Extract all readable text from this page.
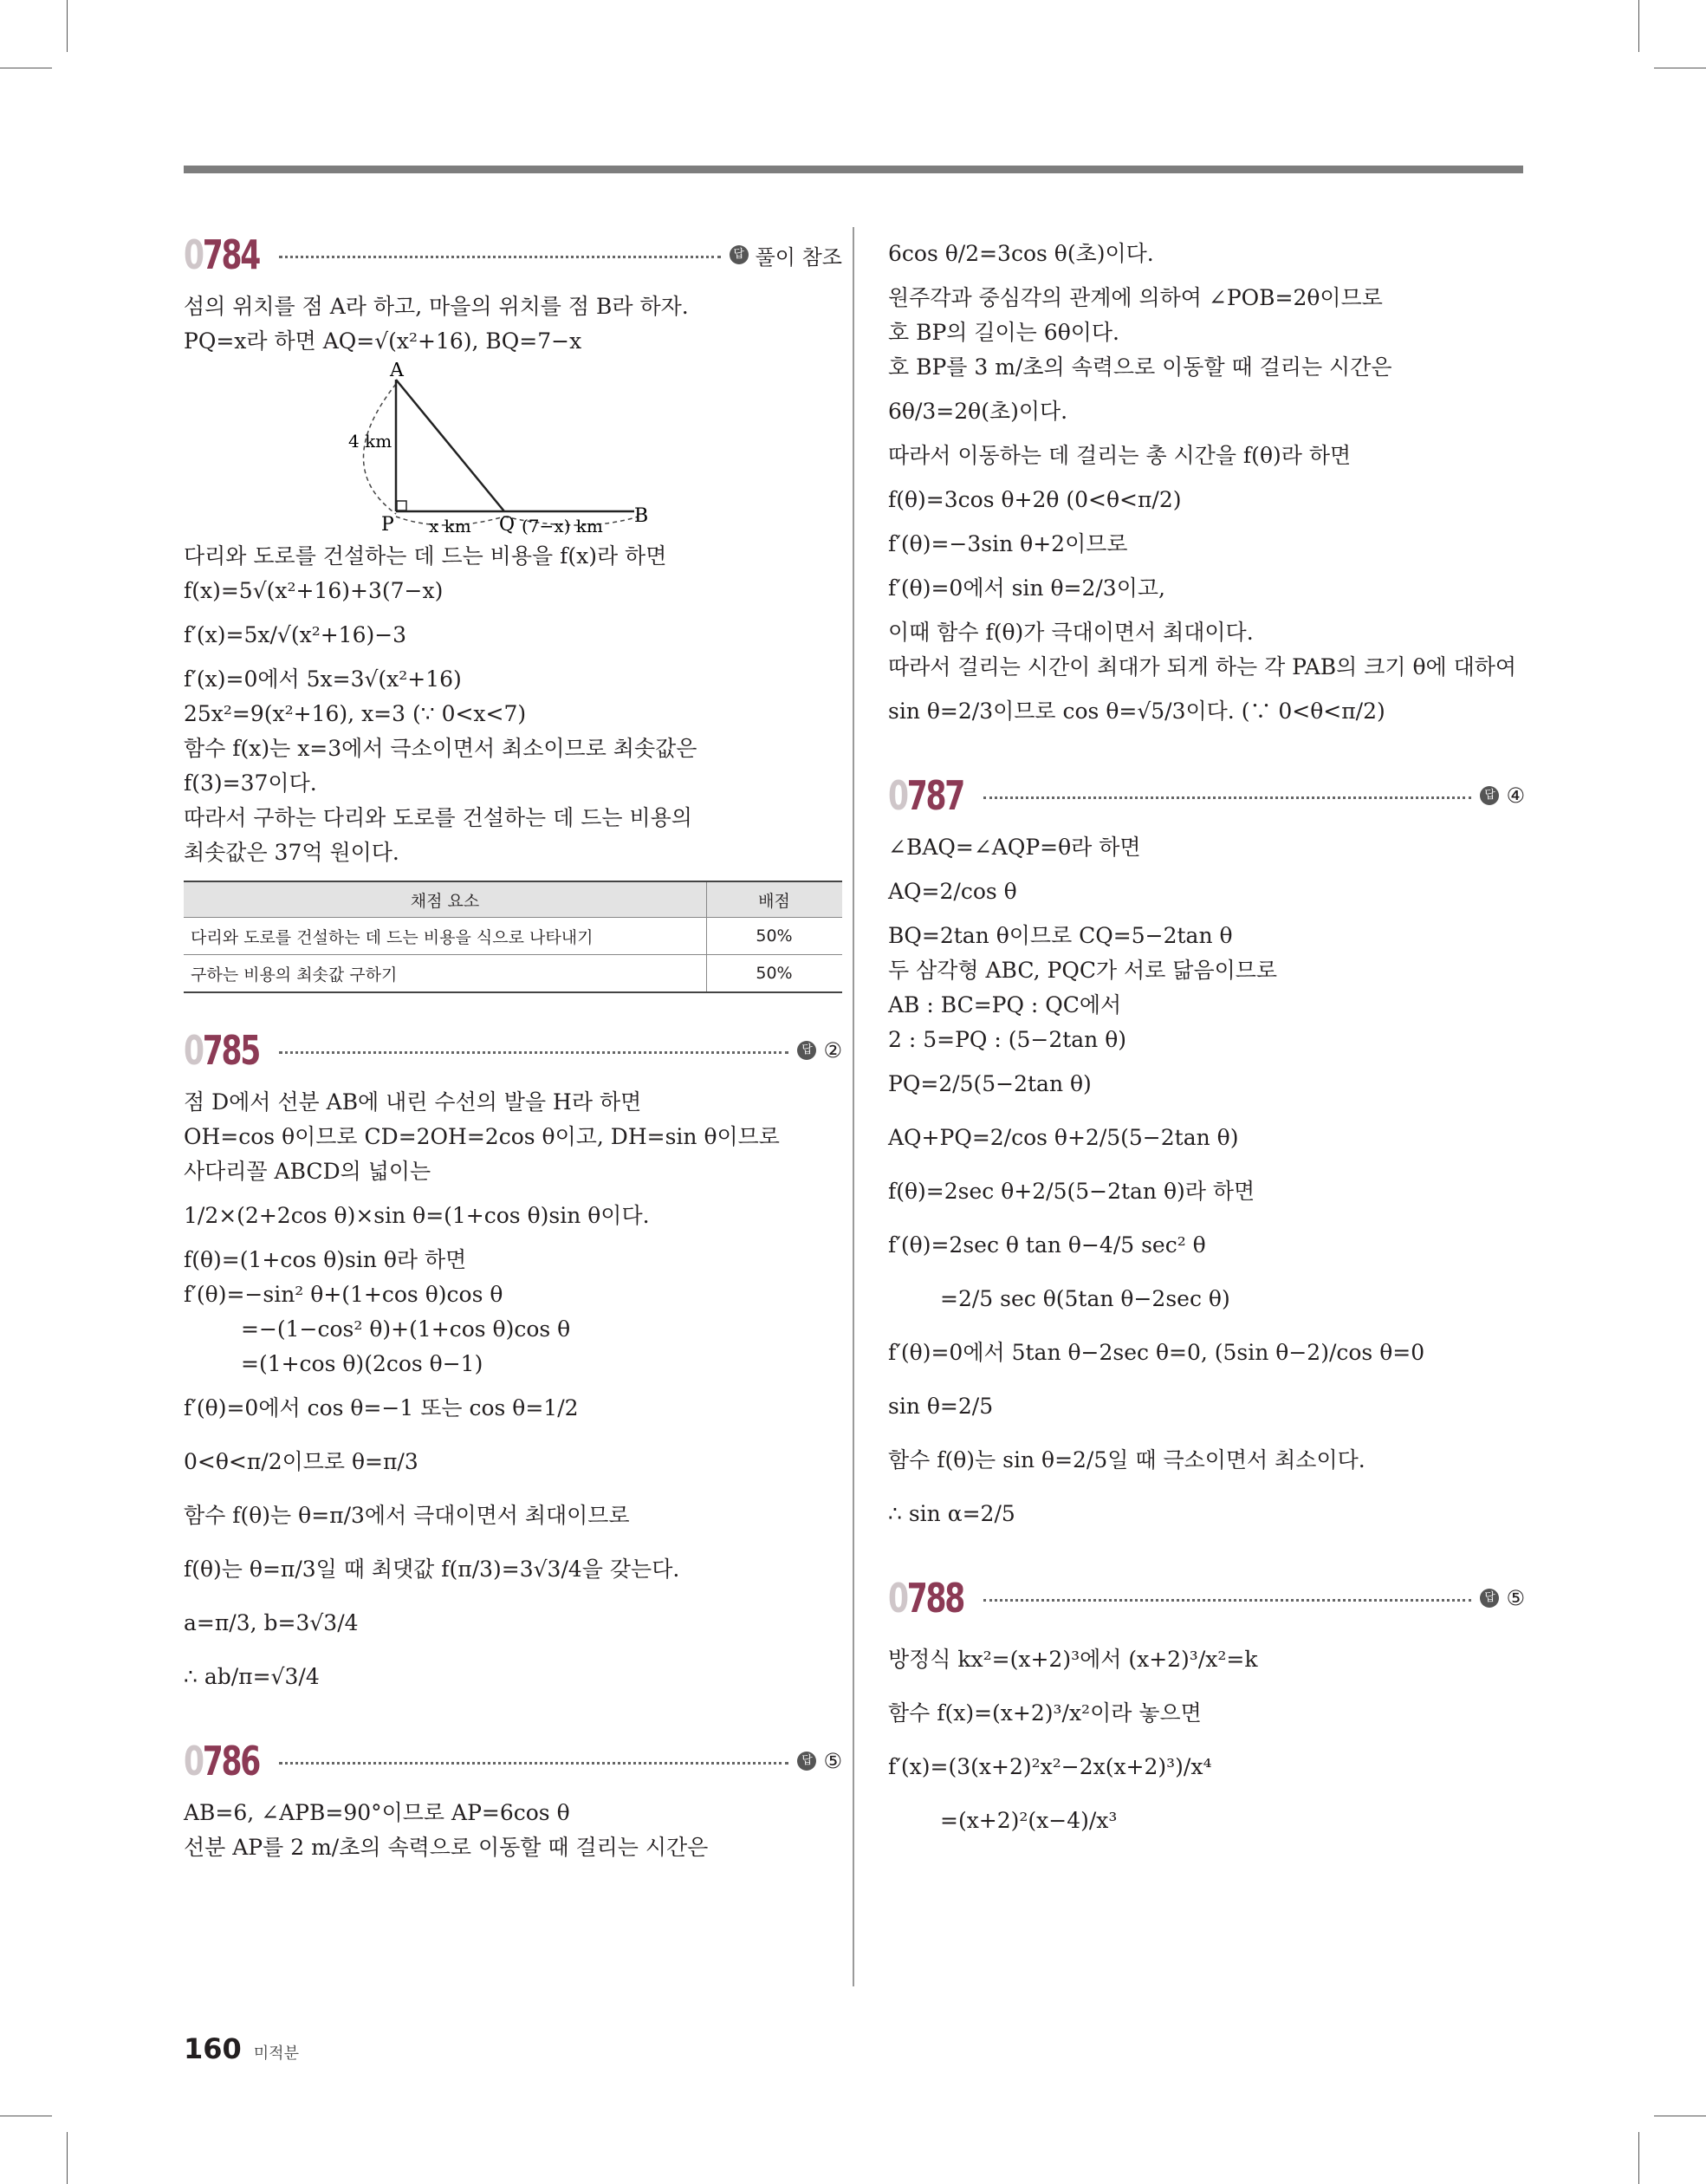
0784	답 풀이 참조
섬의 위치를 점 A라 하고, 마을의 위치를 점 B라 하자.
PQ=x라 하면 AQ=√(x²+16), BQ=7−x
A
P	Q	B
4 km
x km	(7−x) km
다리와 도로를 건설하는 데 드는 비용을 f(x)라 하면
f(x)=5√(x²+16)+3(7−x)
f′(x)=5x/√(x²+16)−3
f′(x)=0에서 5x=3√(x²+16)
25x²=9(x²+16), x=3 (∵ 0<x<7)
함수 f(x)는 x=3에서 극소이면서 최소이므로 최솟값은
f(3)=37이다.
따라서 구하는 다리와 도로를 건설하는 데 드는 비용의
최솟값은 37억 원이다.
채점 요소	배점
다리와 도로를 건설하는 데 드는 비용을 식으로 나타내기	50%
구하는 비용의 최솟값 구하기	50%
0785	답 ②
점 D에서 선분 AB에 내린 수선의 발을 H라 하면
OH=cos θ이므로 CD=2OH=2cos θ이고, DH=sin θ이므로
사다리꼴 ABCD의 넓이는
1/2×(2+2cos θ)×sin θ=(1+cos θ)sin θ이다.
f(θ)=(1+cos θ)sin θ라 하면
f′(θ)=−sin² θ+(1+cos θ)cos θ
=−(1−cos² θ)+(1+cos θ)cos θ
=(1+cos θ)(2cos θ−1)
f′(θ)=0에서 cos θ=−1 또는 cos θ=1/2
0<θ<π/2이므로 θ=π/3
함수 f(θ)는 θ=π/3에서 극대이면서 최대이므로
f(θ)는 θ=π/3일 때 최댓값 f(π/3)=3√3/4을 갖는다.
a=π/3, b=3√3/4
∴ ab/π=√3/4
0786	답 ⑤
AB=6, ∠APB=90°이므로 AP=6cos θ
선분 AP를 2 m/초의 속력으로 이동할 때 걸리는 시간은
6cos θ/2=3cos θ(초)이다.
원주각과 중심각의 관계에 의하여 ∠POB=2θ이므로
호 BP의 길이는 6θ이다.
호 BP를 3 m/초의 속력으로 이동할 때 걸리는 시간은
6θ/3=2θ(초)이다.
따라서 이동하는 데 걸리는 총 시간을 f(θ)라 하면
f(θ)=3cos θ+2θ (0<θ<π/2)
f′(θ)=−3sin θ+2이므로
f′(θ)=0에서 sin θ=2/3이고,
이때 함수 f(θ)가 극대이면서 최대이다.
따라서 걸리는 시간이 최대가 되게 하는 각 PAB의 크기 θ에 대하여
sin θ=2/3이므로 cos θ=√5/3이다. (∵ 0<θ<π/2)
0787	답 ④
∠BAQ=∠AQP=θ라 하면
AQ=2/cos θ
BQ=2tan θ이므로 CQ=5−2tan θ
두 삼각형 ABC, PQC가 서로 닮음이므로
AB : BC=PQ : QC에서
2 : 5=PQ : (5−2tan θ)
PQ=2/5(5−2tan θ)
AQ+PQ=2/cos θ+2/5(5−2tan θ)
f(θ)=2sec θ+2/5(5−2tan θ)라 하면
f′(θ)=2sec θ tan θ−4/5 sec² θ
=2/5 sec θ(5tan θ−2sec θ)
f′(θ)=0에서 5tan θ−2sec θ=0, (5sin θ−2)/cos θ=0
sin θ=2/5
함수 f(θ)는 sin θ=2/5일 때 극소이면서 최소이다.
∴ sin α=2/5
0788	답 ⑤
방정식 kx²=(x+2)³에서 (x+2)³/x²=k
함수 f(x)=(x+2)³/x²이라 놓으면
f′(x)=(3(x+2)²x²−2x(x+2)³)/x⁴
=(x+2)²(x−4)/x³
160 미적분
